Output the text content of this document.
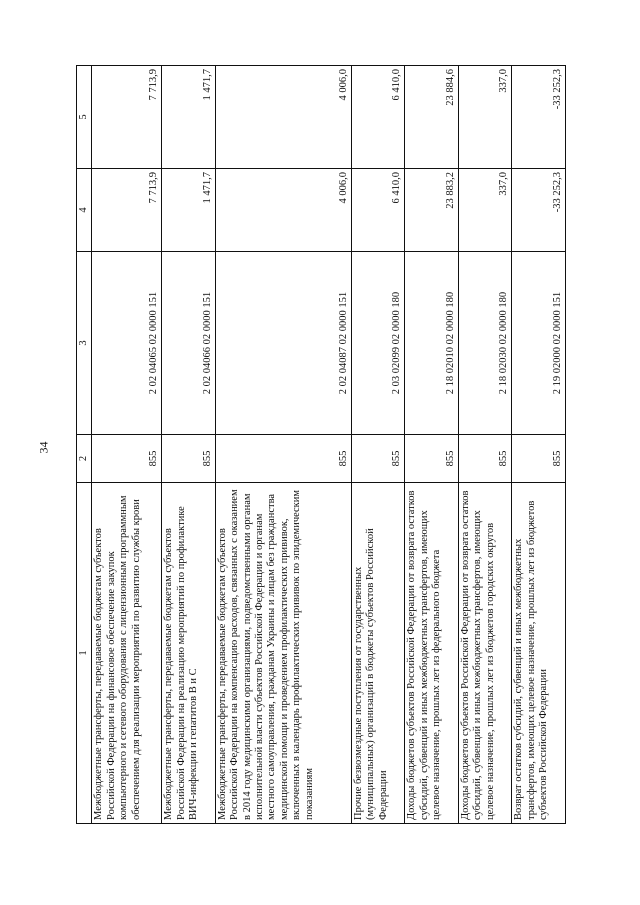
34
1	2	3	4	5
Межбюджетные трансферты, передаваемые бюджетам субъектов Российской Федерации на финансовое обеспечение закупок компьютерного и сетевого оборудования с лицензионным программным обеспечением для реализации мероприятий по развитию службы крови	855	2 02 04065 02 0000 151	7 713,9	7 713,9
Межбюджетные трансферты, передаваемые бюджетам субъектов Российской Федерации на реализацию мероприятий по профилактике ВИЧ-инфекции и гепатитов В и С	855	2 02 04066 02 0000 151	1 471,7	1 471,7
Межбюджетные трансферты, передаваемые бюджетам субъектов Российской Федерации на компенсацию расходов, связанных с оказанием в 2014 году медицинскими организациями, подведомственными органам исполнительной власти субъектов Российской Федерации и органам местного самоуправления, гражданам Украины и лицам без гражданства медицинской помощи и проведением профилактических прививок, включенных в календарь профилактических прививок по эпидемическим показаниям	855	2 02 04087 02 0000 151	4 006,0	4 006,0
Прочие безвозмездные поступления от государственных (муниципальных) организаций в бюджеты субъектов Российской Федерации	855	2 03 02099 02 0000 180	6 410,0	6 410,0
Доходы бюджетов субъектов Российской Федерации от возврата остатков субсидий, субвенций и иных межбюджетных трансфертов, имеющих целевое назначение, прошлых лет из федерального бюджета	855	2 18 02010 02 0000 180	23 883,2	23 884,6
Доходы бюджетов субъектов Российской Федерации от возврата остатков субсидий, субвенций и иных межбюджетных трансфертов, имеющих целевое назначение, прошлых лет из бюджетов городских округов	855	2 18 02030 02 0000 180	337,0	337,0
Возврат остатков субсидий, субвенций и иных межбюджетных трансфертов, имеющих целевое назначение, прошлых лет из бюджетов субъектов Российской Федерации	855	2 19 02000 02 0000 151	-33 252,3	-33 252,3
